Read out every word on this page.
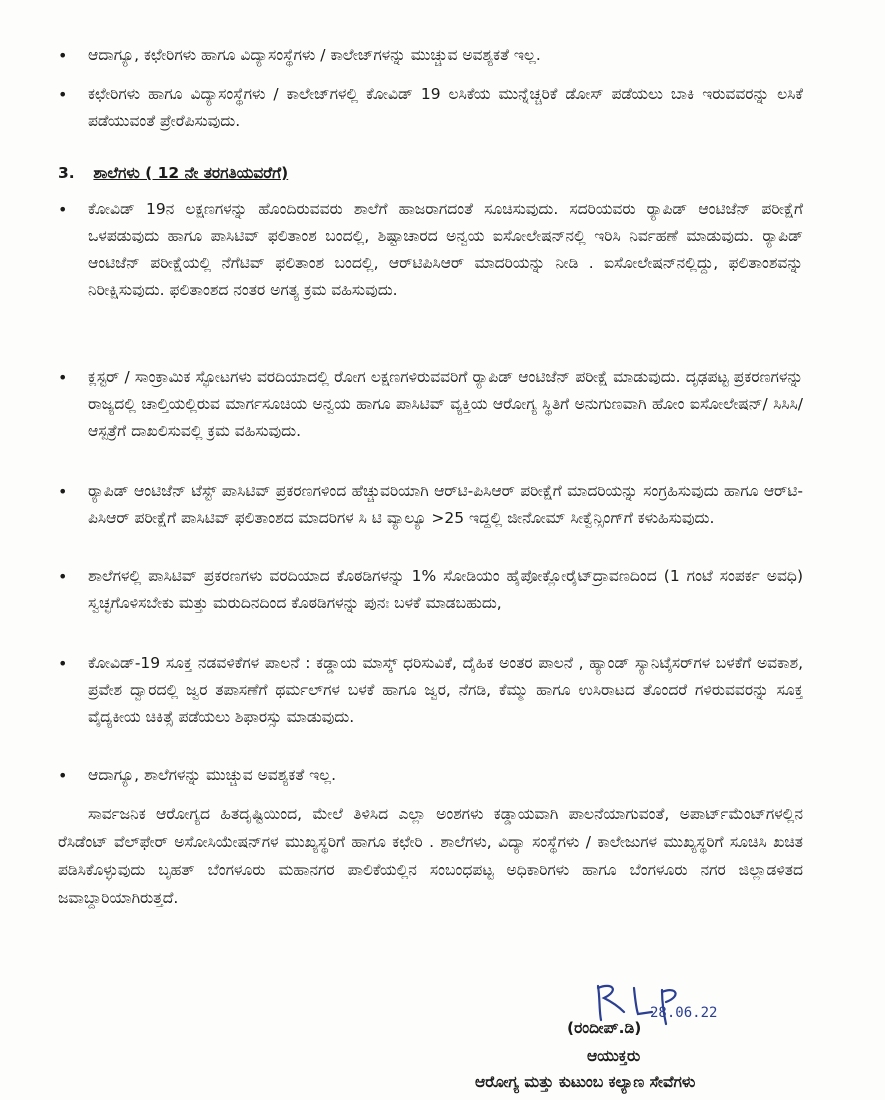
• ಆದಾಗ್ಯೂ, ಕಛೇರಿಗಳು ಹಾಗೂ ವಿದ್ಯಾಸಂಸ್ಥೆಗಳು / ಕಾಲೇಜ್‌ಗಳನ್ನು ಮುಚ್ಚುವ ಅವಶ್ಯಕತೆ ಇಲ್ಲ.
• ಕಛೇರಿಗಳು ಹಾಗೂ ವಿದ್ಯಾಸಂಸ್ಥೆಗಳು / ಕಾಲೇಜ್‌ಗಳಲ್ಲಿ ಕೋವಿಡ್ 19 ಲಸಿಕೆಯ ಮುನ್ನೆಚ್ಚರಿಕೆ ಡೋಸ್ ಪಡೆಯಲು ಬಾಕಿ ಇರುವವರನ್ನು ಲಸಿಕೆ ಪಡೆಯುವಂತೆ ಪ್ರೇರೆಪಿಸುವುದು.
3. ಶಾಲೆಗಳು ( 12 ನೇ ತರಗತಿಯವರೆಗೆ)
• ಕೋವಿಡ್ 19ನ ಲಕ್ಷಣಗಳನ್ನು ಹೊಂದಿರುವವರು ಶಾಲೆಗೆ ಹಾಜರಾಗದಂತೆ ಸೂಚಿಸುವುದು. ಸದರಿಯವರು ರ್‍ಯಾಪಿಡ್ ಆಂಟಿಜೆನ್ ಪರೀಕ್ಷೆಗೆ ಒಳಪಡುವುದು ಹಾಗೂ ಪಾಸಿಟಿವ್ ಫಲಿತಾಂಶ ಬಂದಲ್ಲಿ, ಶಿಷ್ಟಾಚಾರದ ಅನ್ವಯ ಐಸೋಲೇಷನ್‌ನಲ್ಲಿ ಇರಿಸಿ ನಿರ್ವಹಣೆ ಮಾಡುವುದು. ರ್‍ಯಾಪಿಡ್ ಆಂಟಿಜೆನ್ ಪರೀಕ್ಷೆಯಲ್ಲಿ ನೆಗೆಟಿವ್ ಫಲಿತಾಂಶ ಬಂದಲ್ಲಿ, ಆರ್‌ಟಿಪಿಸಿಆರ್ ಮಾದರಿಯನ್ನು ನೀಡಿ . ಐಸೋಲೇಷನ್‌ನಲ್ಲಿದ್ದು, ಫಲಿತಾಂಶವನ್ನು ನಿರೀಕ್ಷಿಸುವುದು. ಫಲಿತಾಂಶದ ನಂತರ ಅಗತ್ಯ ಕ್ರಮ ವಹಿಸುವುದು.
• ಕ್ಲಸ್ಟರ್ / ಸಾಂಕ್ರಾಮಿಕ ಸ್ಫೋಟಗಳು ವರದಿಯಾದಲ್ಲಿ ರೋಗ ಲಕ್ಷಣಗಳಿರುವವರಿಗೆ ರ್‍ಯಾಪಿಡ್ ಆಂಟಿಜೆನ್ ಪರೀಕ್ಷೆ ಮಾಡುವುದು. ದೃಢಪಟ್ಟ ಪ್ರಕರಣಗಳನ್ನು ರಾಜ್ಯದಲ್ಲಿ ಚಾಲ್ತಿಯಲ್ಲಿರುವ ಮಾರ್ಗಸೂಚಿಯ ಅನ್ವಯ ಹಾಗೂ ಪಾಸಿಟಿವ್ ವ್ಯಕ್ತಿಯ ಆರೋಗ್ಯ ಸ್ಥಿತಿಗೆ ಅನುಗುಣವಾಗಿ ಹೋಂ ಐಸೋಲೇಷನ್/ ಸಿಸಿಸಿ/ ಆಸ್ಪತ್ರೆಗೆ ದಾಖಲಿಸುವಲ್ಲಿ ಕ್ರಮ ವಹಿಸುವುದು.
• ರ್‍ಯಾಪಿಡ್ ಆಂಟಿಜೆನ್ ಟೆಸ್ಟ್ ಪಾಸಿಟಿವ್ ಪ್ರಕರಣಗಳಿಂದ ಹೆಚ್ಚುವರಿಯಾಗಿ ಆರ್‌ಟಿ-ಪಿಸಿಆರ್ ಪರೀಕ್ಷೆಗೆ ಮಾದರಿಯನ್ನು ಸಂಗ್ರಹಿಸುವುದು ಹಾಗೂ ಆರ್‌ಟಿ-ಪಿಸಿಆರ್ ಪರೀಕ್ಷೆಗೆ ಪಾಸಿಟಿವ್ ಫಲಿತಾಂಶದ ಮಾದರಿಗಳ ಸಿ ಟಿ ವ್ಯಾಲ್ಯೂ >25 ಇದ್ದಲ್ಲಿ ಜೀನೋಮ್ ಸೀಕ್ವೆನ್ಸಿಂಗ್‌ಗೆ ಕಳುಹಿಸುವುದು.
• ಶಾಲೆಗಳಲ್ಲಿ ಪಾಸಿಟಿವ್ ಪ್ರಕರಣಗಳು ವರದಿಯಾದ ಕೊಠಡಿಗಳನ್ನು 1% ಸೋಡಿಯಂ ಹೈಪೋಕ್ಲೋರೈಟ್‌ದ್ರಾವಣದಿಂದ (1 ಗಂಟೆ ಸಂಪರ್ಕ ಅವಧಿ) ಸ್ವಚ್ಛಗೊಳಿಸಬೇಕು ಮತ್ತು ಮರುದಿನದಿಂದ ಕೊಠಡಿಗಳನ್ನು ಪುನಃ ಬಳಕೆ ಮಾಡಬಹುದು,
• ಕೋವಿಡ್-19 ಸೂಕ್ತ ನಡವಳಿಕೆಗಳ ಪಾಲನೆ : ಕಡ್ಡಾಯ ಮಾಸ್ಕ್ ಧರಿಸುವಿಕೆ, ದೈಹಿಕ ಅಂತರ ಪಾಲನೆ , ಹ್ಯಾಂಡ್ ಸ್ಯಾನಿಟೈಸರ್‌ಗಳ ಬಳಕೆಗೆ ಅವಕಾಶ, ಪ್ರವೇಶ ದ್ವಾರದಲ್ಲಿ ಜ್ವರ ತಪಾಸಣೆಗೆ ಥರ್ಮಲ್‌ಗಳ ಬಳಕೆ ಹಾಗೂ ಜ್ವರ, ನೆಗಡಿ, ಕೆಮ್ಮು ಹಾಗೂ ಉಸಿರಾಟದ ತೊಂದರೆ ಗಳಿರುವವರನ್ನು ಸೂಕ್ತ ವೈದ್ಯಕೀಯ ಚಿಕಿತ್ಸೆ ಪಡೆಯಲು ಶಿಫಾರಸ್ಸು ಮಾಡುವುದು.
• ಆದಾಗ್ಯೂ, ಶಾಲೆಗಳನ್ನು ಮುಚ್ಚುವ ಅವಶ್ಯಕತೆ ಇಲ್ಲ.
ಸಾರ್ವಜನಿಕ ಆರೋಗ್ಯದ ಹಿತದೃಷ್ಟಿಯಿಂದ, ಮೇಲೆ ತಿಳಿಸಿದ ಎಲ್ಲಾ ಅಂಶಗಳು ಕಡ್ಡಾಯವಾಗಿ ಪಾಲನೆಯಾಗುವಂತೆ, ಅಪಾರ್ಟ್‌ಮೆಂಟ್‌ಗಳಲ್ಲಿನ ರೆಸಿಡೆಂಟ್ ವೆಲ್‌ಫೇರ್ ಅಸೋಸಿಯೇಷನ್‌ಗಳ ಮುಖ್ಯಸ್ಥರಿಗೆ ಹಾಗೂ ಕಛೇರಿ . ಶಾಲೆಗಳು, ವಿದ್ಯಾ ಸಂಸ್ಥೆಗಳು / ಕಾಲೇಜುಗಳ ಮುಖ್ಯಸ್ಥರಿಗೆ ಸೂಚಿಸಿ ಖಚಿತ ಪಡಿಸಿಕೊಳ್ಳುವುದು ಬೃಹತ್ ಬೆಂಗಳೂರು ಮಹಾನಗರ ಪಾಲಿಕೆಯಲ್ಲಿನ ಸಂಬಂಧಪಟ್ಟ ಅಧಿಕಾರಿಗಳು ಹಾಗೂ ಬೆಂಗಳೂರು ನಗರ ಜಿಲ್ಲಾಡಳಿತದ ಜವಾಬ್ದಾರಿಯಾಗಿರುತ್ತದೆ.
28.06.22
(ರಂದೀಪ್.ಡಿ)
ಆಯುಕ್ತರು
ಆರೋಗ್ಯ ಮತ್ತು ಕುಟುಂಬ ಕಲ್ಯಾಣ ಸೇವೆಗಳು
